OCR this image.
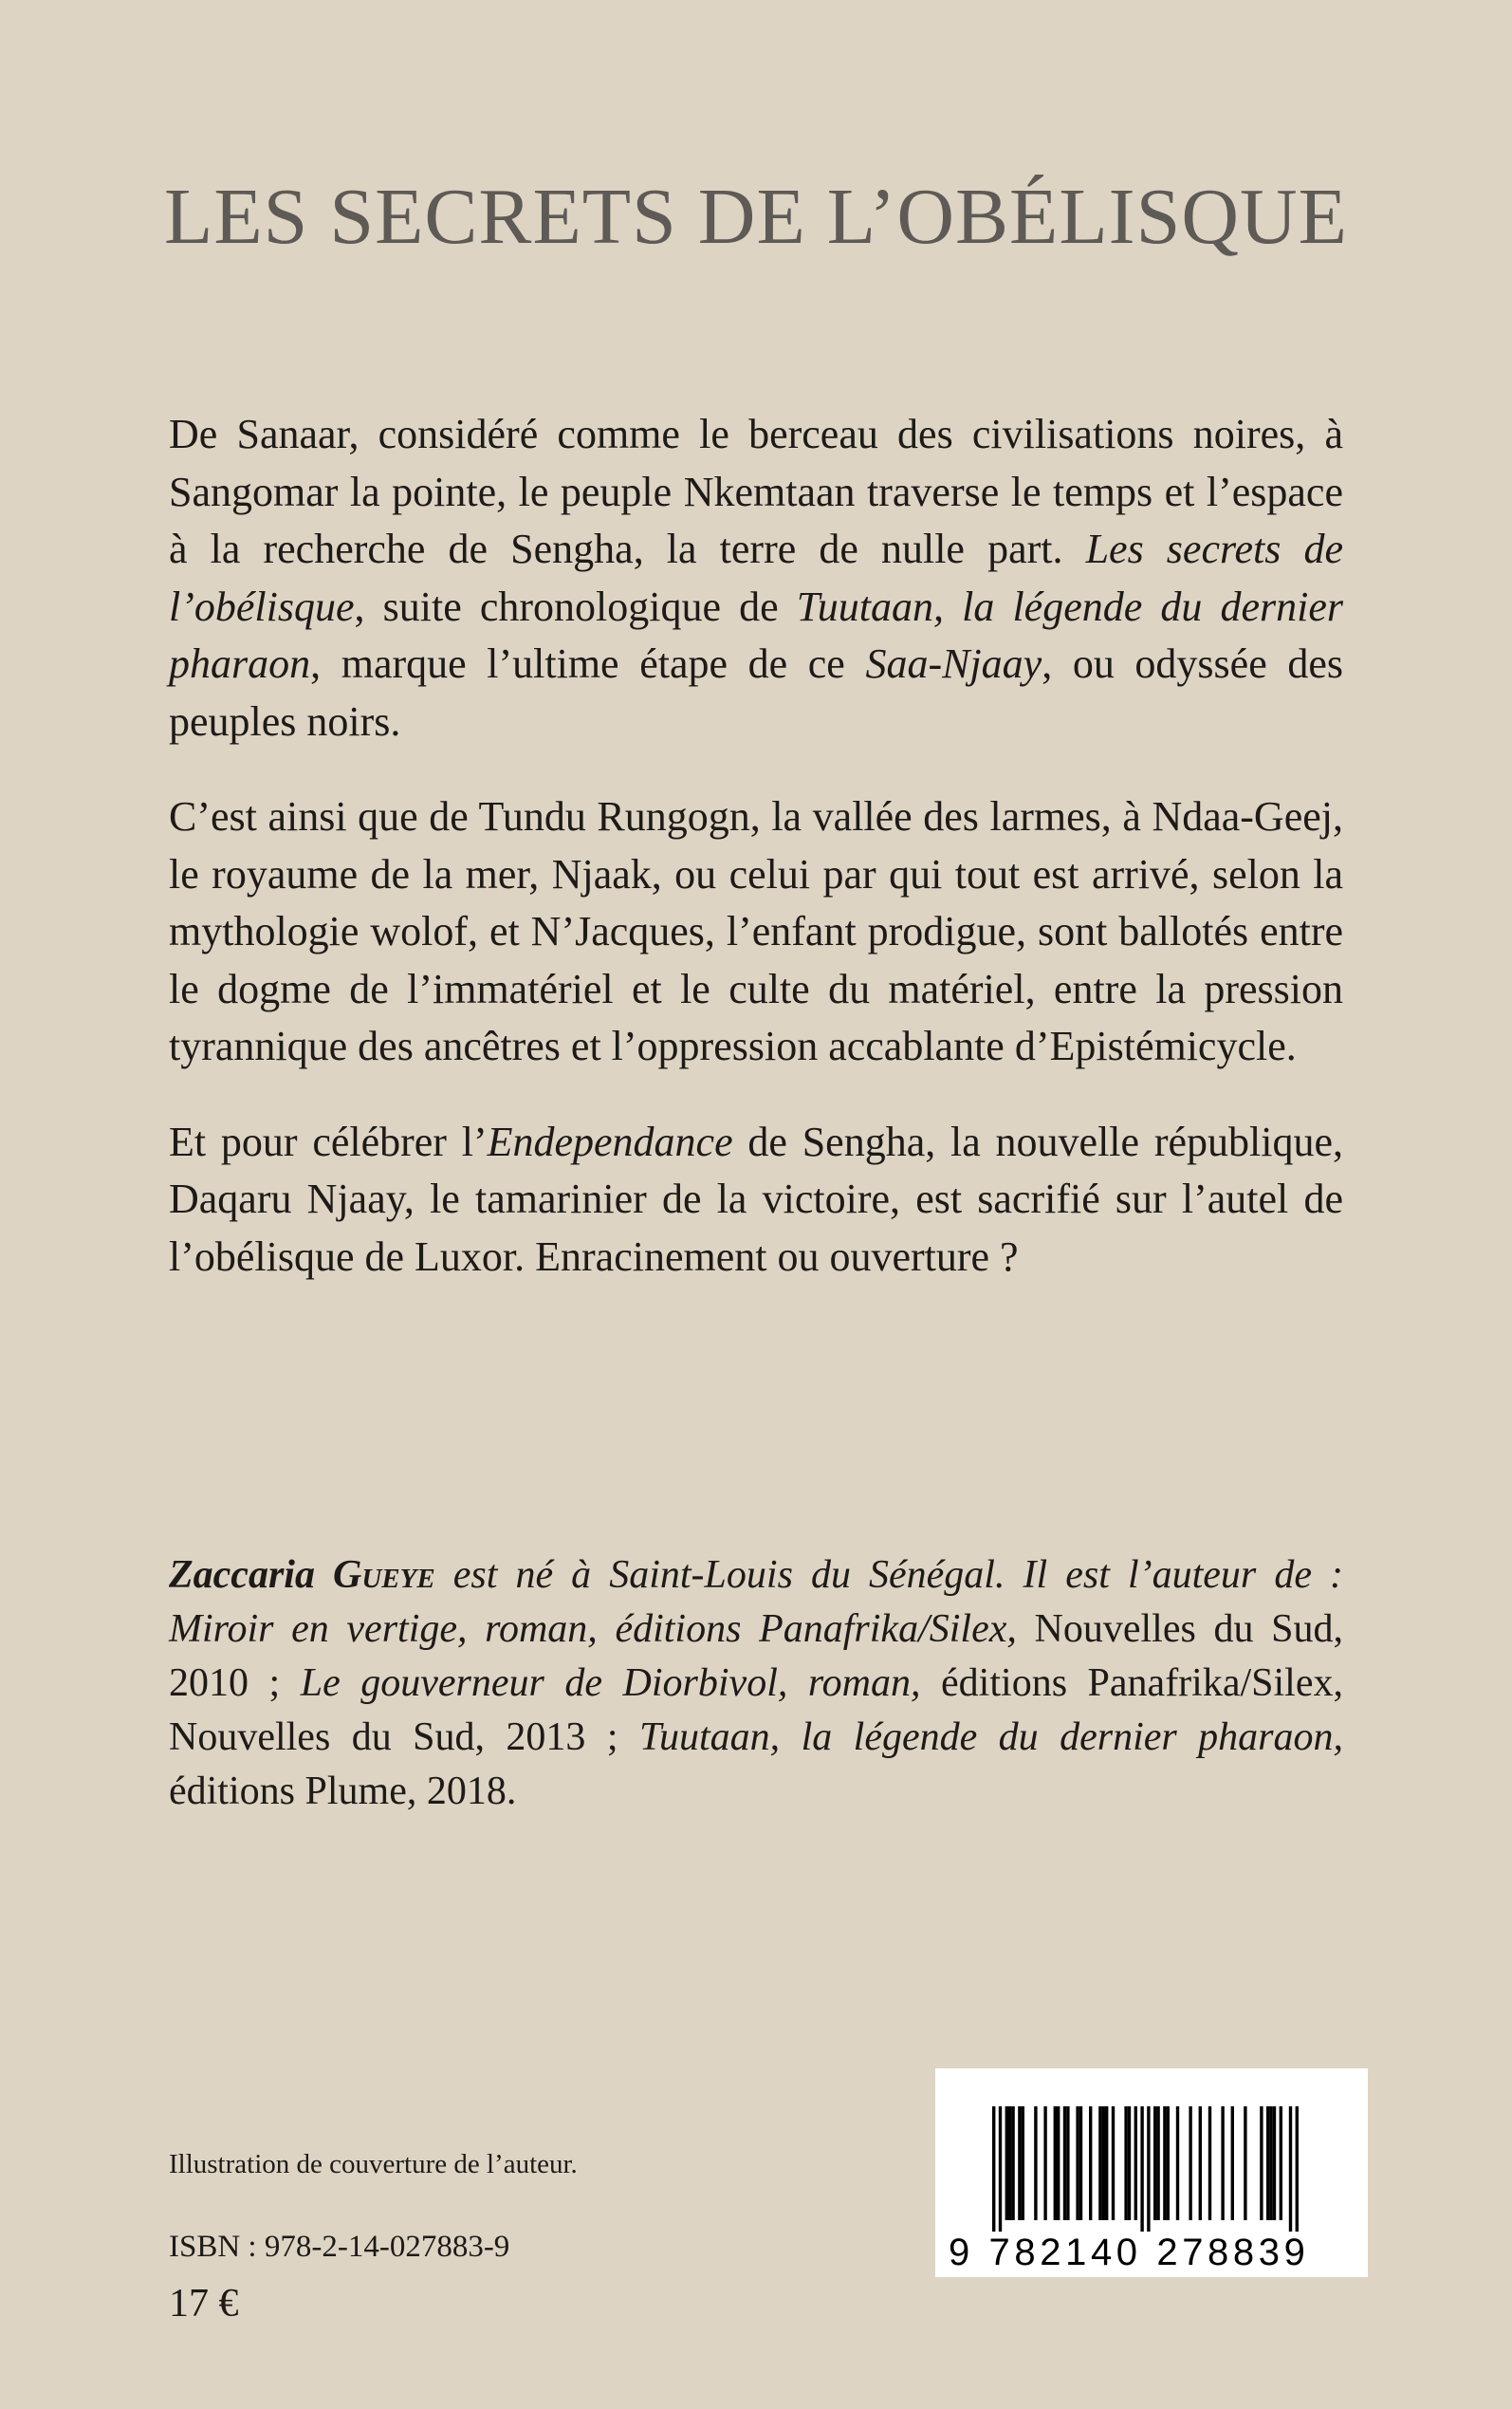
LES SECRETS DE L’OBÉLISQUE

De Sanaar, considéré comme le berceau des civilisations noires, à Sangomar la pointe, le peuple Nkemtaan traverse le temps et l’espace à la recherche de Sengha, la terre de nulle part. Les secrets de l’obélisque, suite chronologique de Tuutaan, la légende du dernier pharaon, marque l’ultime étape de ce Saa-Njaay, ou odyssée des peuples noirs.

C’est ainsi que de Tundu Rungogn, la vallée des larmes, à Ndaa-Geej, le royaume de la mer, Njaak, ou celui par qui tout est arrivé, selon la mythologie wolof, et N’Jacques, l’enfant prodigue, sont ballotés entre le dogme de l’immatériel et le culte du matériel, entre la pression tyrannique des ancêtres et l’oppression accablante d’Epistémicycle.

Et pour célébrer l’Endependance de Sengha, la nouvelle république, Daqaru Njaay, le tamarinier de la victoire, est sacrifié sur l’autel de l’obélisque de Luxor. Enracinement ou ouverture ?

Zaccaria Gueye est né à Saint-Louis du Sénégal. Il est l’auteur de : Miroir en vertige, roman, éditions Panafrika/Silex, Nouvelles du Sud, 2010 ; Le gouverneur de Diorbivol, roman, éditions Panafrika/Silex, Nouvelles du Sud, 2013 ; Tuutaan, la légende du dernier pharaon, éditions Plume, 2018.

Illustration de couverture de l’auteur.
ISBN : 978-2-14-027883-9
17 €
9 782140 278839
